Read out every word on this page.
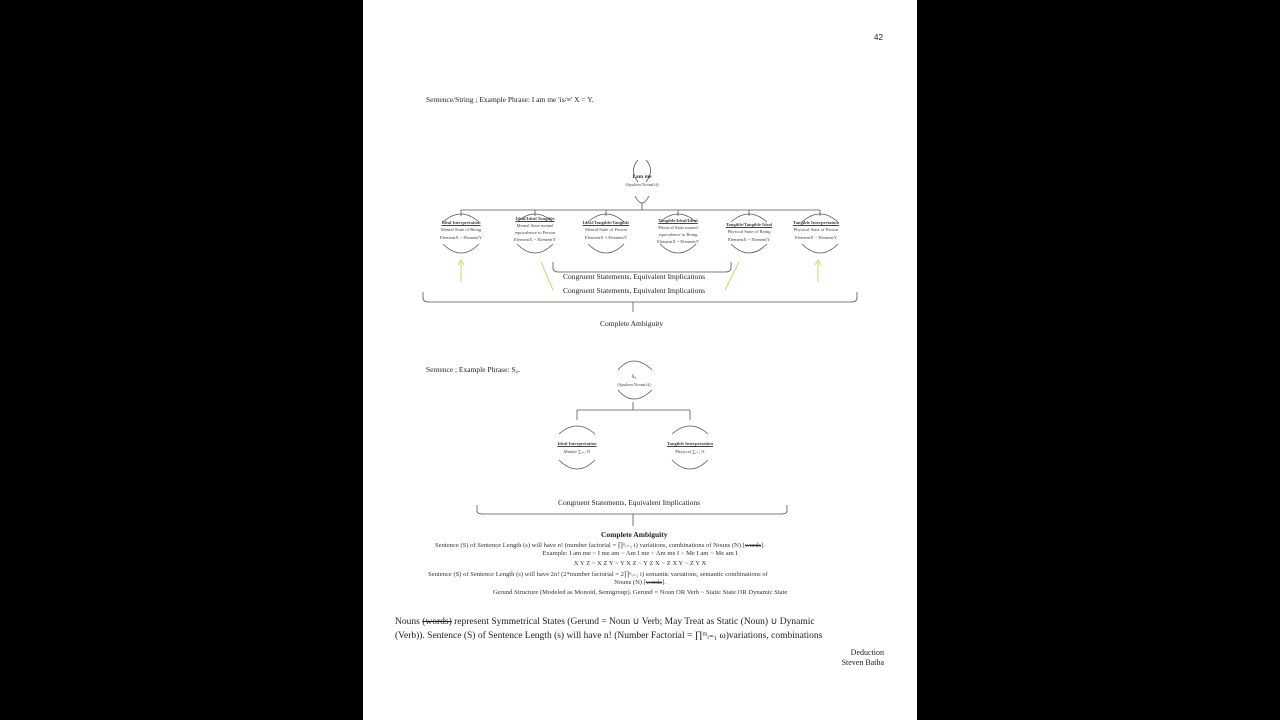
42
Sentence/String ; Example Phrase: I am me 'is/≡' X = Y.
I am me
(Spoken Noun(s))
Ideal Interpretation
Mental State of Being
ElementX ~ ElementY
Ideal/Ideal Tangible
Mental State mental
equivalence to Person
ElementX ~ ElementY
Ideal/Tangible/Tangible
Mental State of Person
ElementX ≡ ElementY
Tangible/Ideal/Ideal
Physical State mental
equivalence to Being
ElementX ~ ElementY
Tangible/Tangible Ideal
Physical State of Being
ElementX ~ ElementY
Tangible Interpretation
Physical State of Person
ElementX ~ ElementY
Congruent Statements, Equivalent Implications
Congruent Statements, Equivalent Implications
Complete Ambiguity
Sentence ; Example Phrase: S₀.
S₀
(Spoken Noun(s))
Ideal Interpretation
Mental ∑ᵢ₌₁ N
Tangible Interpretation
Physical ∑ᵢ₌₁ N
Congruent Statements, Equivalent Implications
Complete Ambiguity
Sentence (S) of Sentence Length (s) will have n! (number factorial = ∏ⁿᵢ₌₁ i) variations, combinations of Nouns (N) [words].
Example: I am me ~ I me am ~ Am I me ~ Am me I ~ Me I am ~ Me am I
X Y Z ~ X Z Y ~ Y X Z ~ Y Z X ~ Z X Y ~ Z Y X
Sentence (S) of Sentence Length (s) will have 2n! (2*number factorial = 2∏ⁿᵢ₌₁ i) semantic variations, semantic combinations of
Nouns (N) [words].
Gerund Structure (Modeled as Monoid, Semigroup). Gerund = Noun OR Verb ~ Static State OR Dynamic State
Nouns (words) represent Symmetrical States (Gerund = Noun ∪ Verb; May Treat as Static (Noun) ∪ Dynamic
(Verb)). Sentence (S) of Sentence Length (s) will have n! (Number Factorial = ∏ᵐᵢ₌₁ ω)variations, combinations
Deduction
Steven Batha
